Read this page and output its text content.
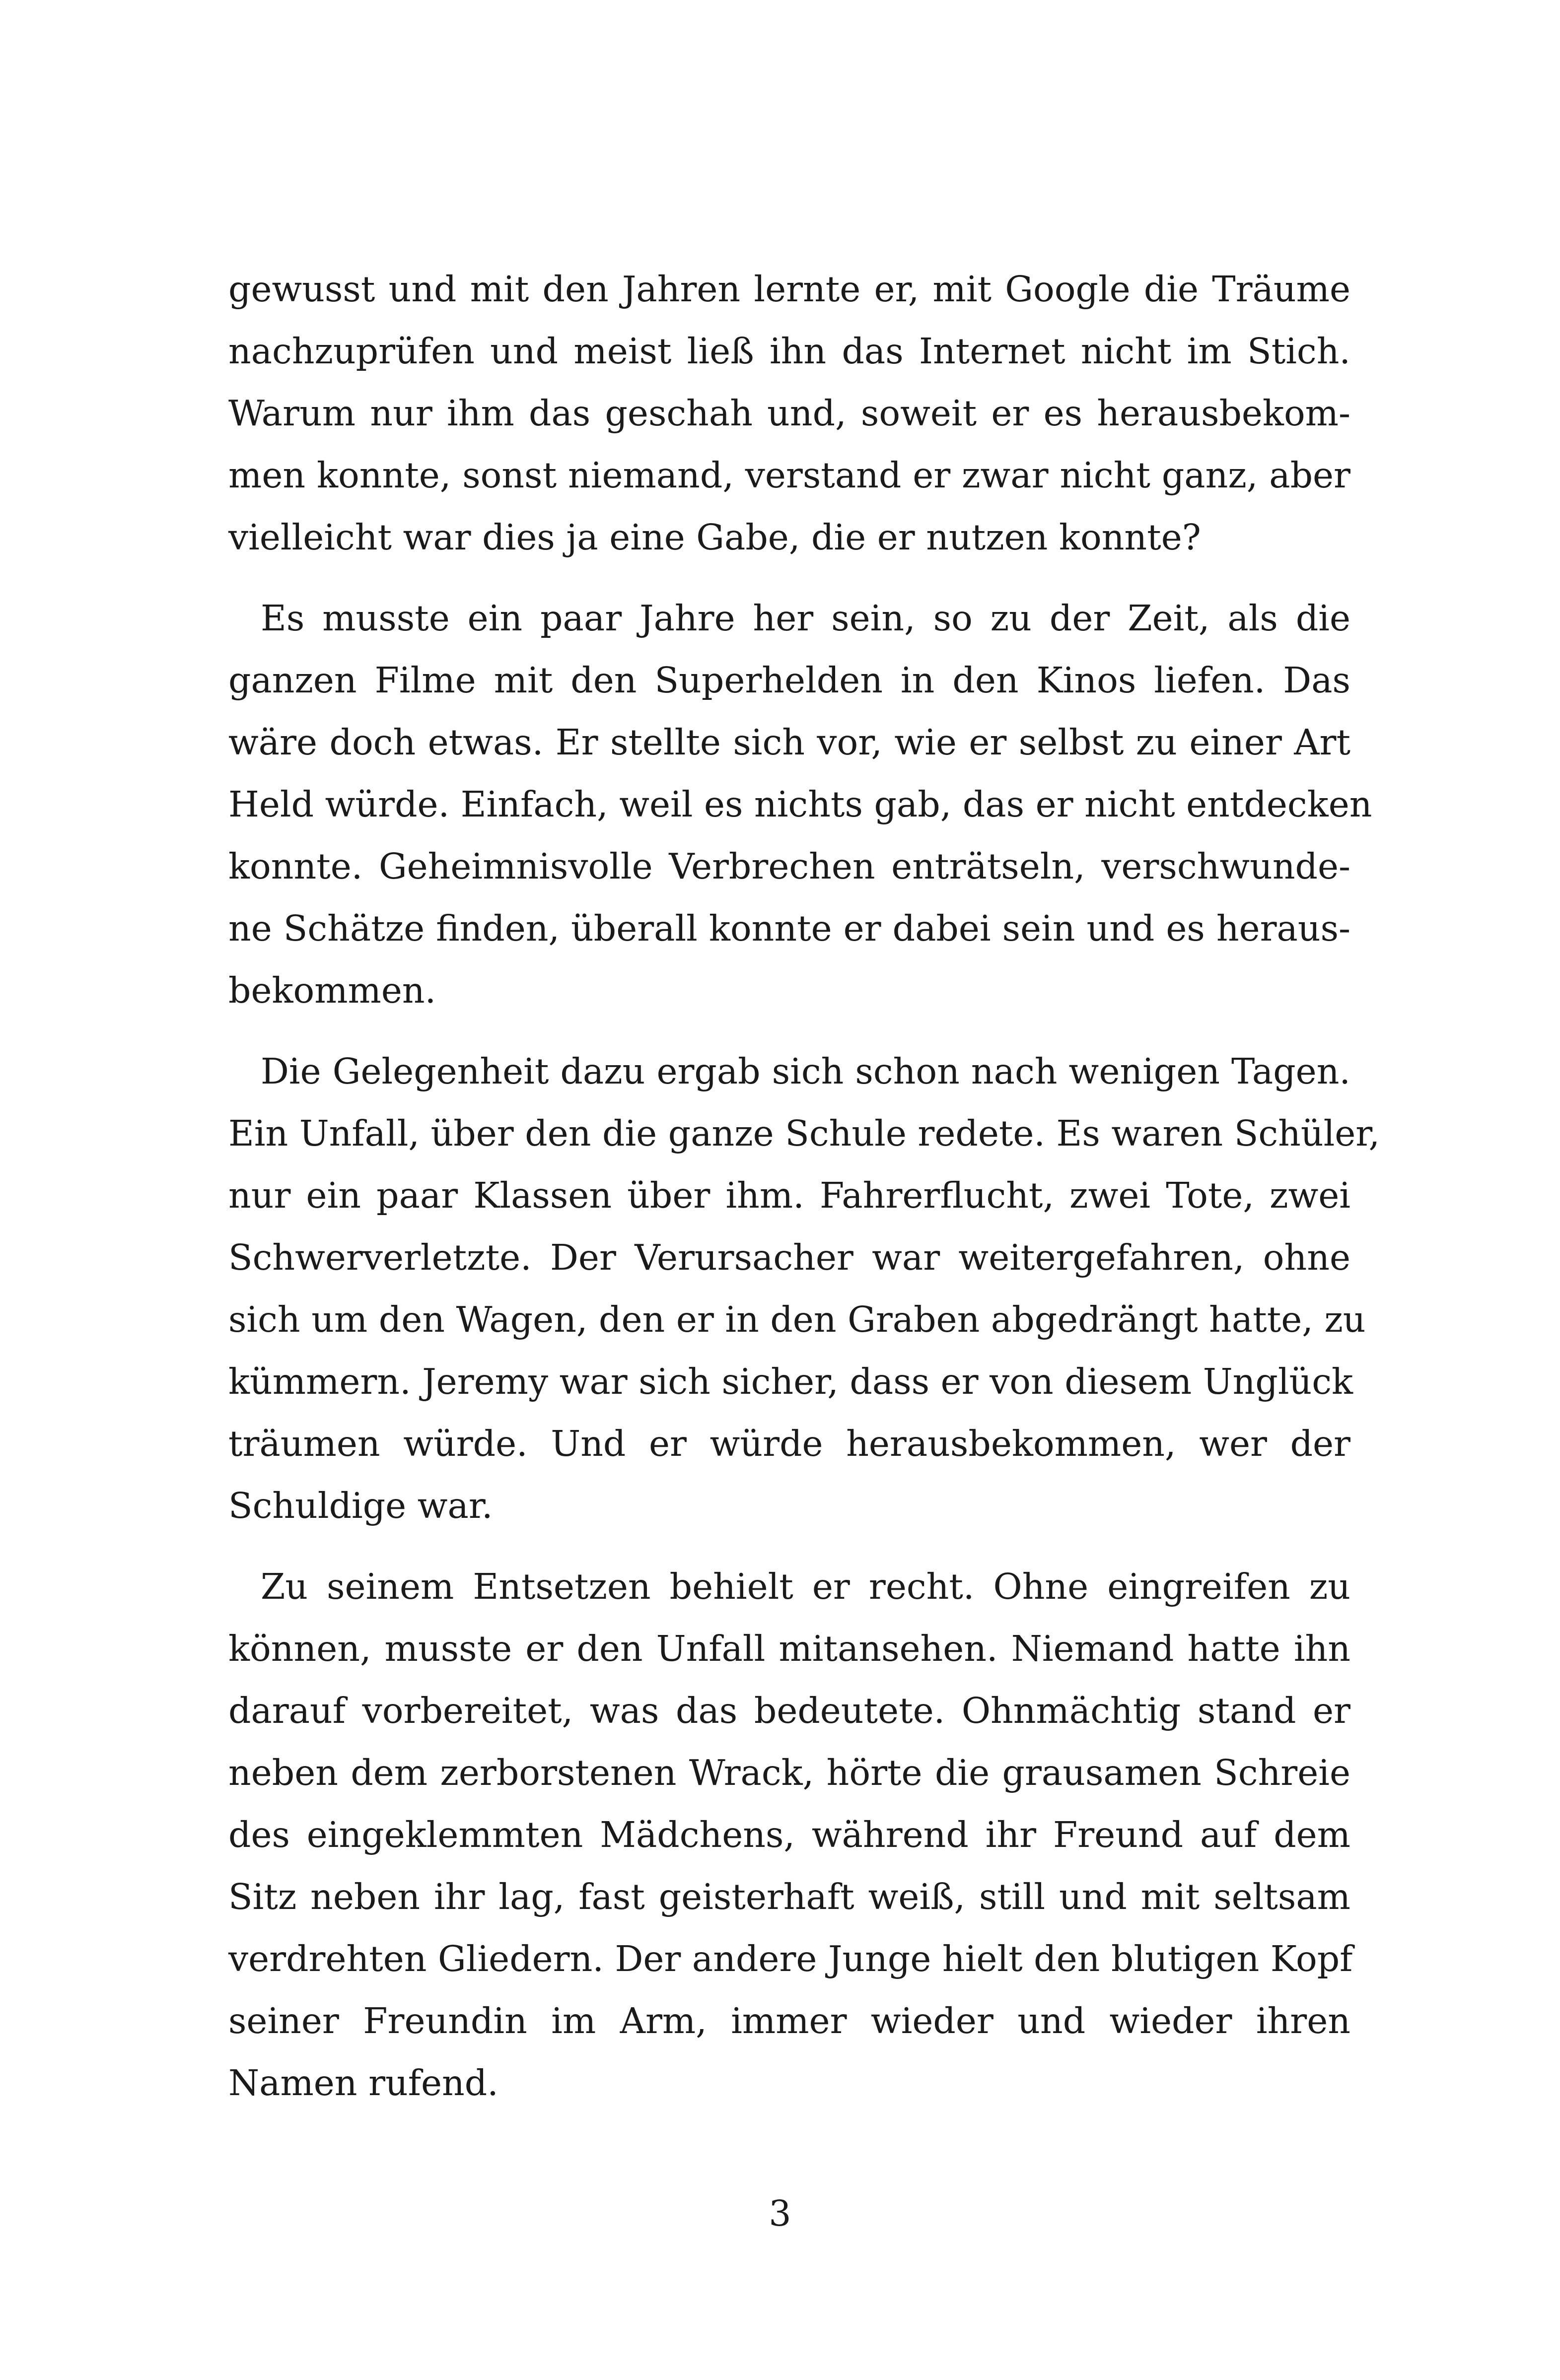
gewusst und mit den Jahren lernte er, mit Google die Träume
nachzuprüfen und meist ließ ihn das Internet nicht im Stich.
Warum nur ihm das geschah und, soweit er es herausbekom-
men konnte, sonst niemand, verstand er zwar nicht ganz, aber
vielleicht war dies ja eine Gabe, die er nutzen konnte?
Es musste ein paar Jahre her sein, so zu der Zeit, als die
ganzen Filme mit den Superhelden in den Kinos liefen. Das
wäre doch etwas. Er stellte sich vor, wie er selbst zu einer Art
Held würde. Einfach, weil es nichts gab, das er nicht entdecken
konnte. Geheimnisvolle Verbrechen enträtseln, verschwunde-
ne Schätze finden, überall konnte er dabei sein und es heraus-
bekommen.
Die Gelegenheit dazu ergab sich schon nach wenigen Tagen.
Ein Unfall, über den die ganze Schule redete. Es waren Schüler,
nur ein paar Klassen über ihm. Fahrerflucht, zwei Tote, zwei
Schwerverletzte. Der Verursacher war weitergefahren, ohne
sich um den Wagen, den er in den Graben abgedrängt hatte, zu
kümmern. Jeremy war sich sicher, dass er von diesem Unglück
träumen würde. Und er würde herausbekommen, wer der
Schuldige war.
Zu seinem Entsetzen behielt er recht. Ohne eingreifen zu
können, musste er den Unfall mitansehen. Niemand hatte ihn
darauf vorbereitet, was das bedeutete. Ohnmächtig stand er
neben dem zerborstenen Wrack, hörte die grausamen Schreie
des eingeklemmten Mädchens, während ihr Freund auf dem
Sitz neben ihr lag, fast geisterhaft weiß, still und mit seltsam
verdrehten Gliedern. Der andere Junge hielt den blutigen Kopf
seiner Freundin im Arm, immer wieder und wieder ihren
Namen rufend.
3
